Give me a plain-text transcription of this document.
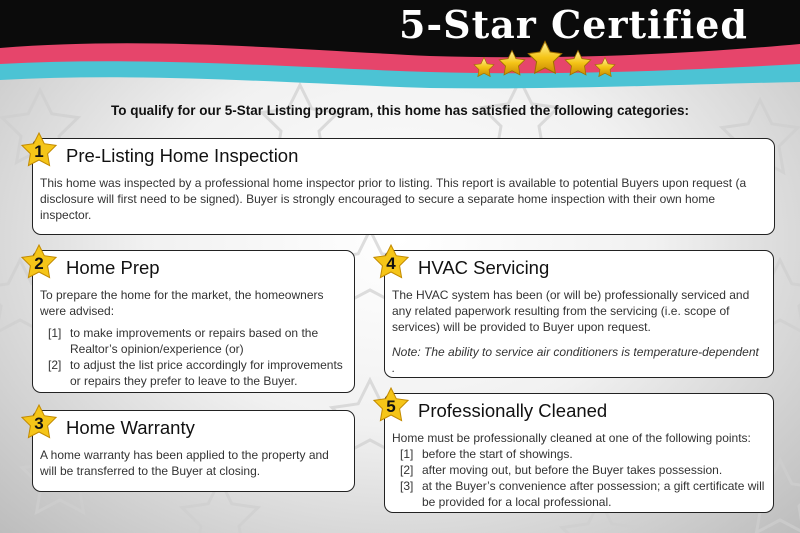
5-Star Certified
To qualify for our 5-Star Listing program, this home has satisfied the following categories:
1	Pre-Listing Home Inspection

This home was inspected by a professional home inspector prior to listing. This report is available to potential Buyers upon request (a disclosure will first need to be signed). Buyer is strongly encouraged to secure a separate home inspection with their own home inspector.

2	Home Prep

To prepare the home for the market, the homeowners were advised:

[1] to make improvements or repairs based on the Realtor’s opinion/experience (or)
[2] to adjust the list price accordingly for improvements or repairs they prefer to leave to the Buyer.
3	Home Warranty

A home warranty has been applied to the property and will be transferred to the Buyer at closing.

4	HVAC Servicing

The HVAC system has been (or will be) professionally serviced and any related paperwork resulting from the servicing (i.e. scope of services) will be provided to Buyer upon request.

Note: The ability to service air conditioners is temperature-dependent .

5	Professionally Cleaned

Home must be professionally cleaned at one of the following points:

[1] before the start of showings.
[2] after moving out, but before the Buyer takes possession.
[3] at the Buyer’s convenience after possession; a gift certificate will be provided for a local professional.
